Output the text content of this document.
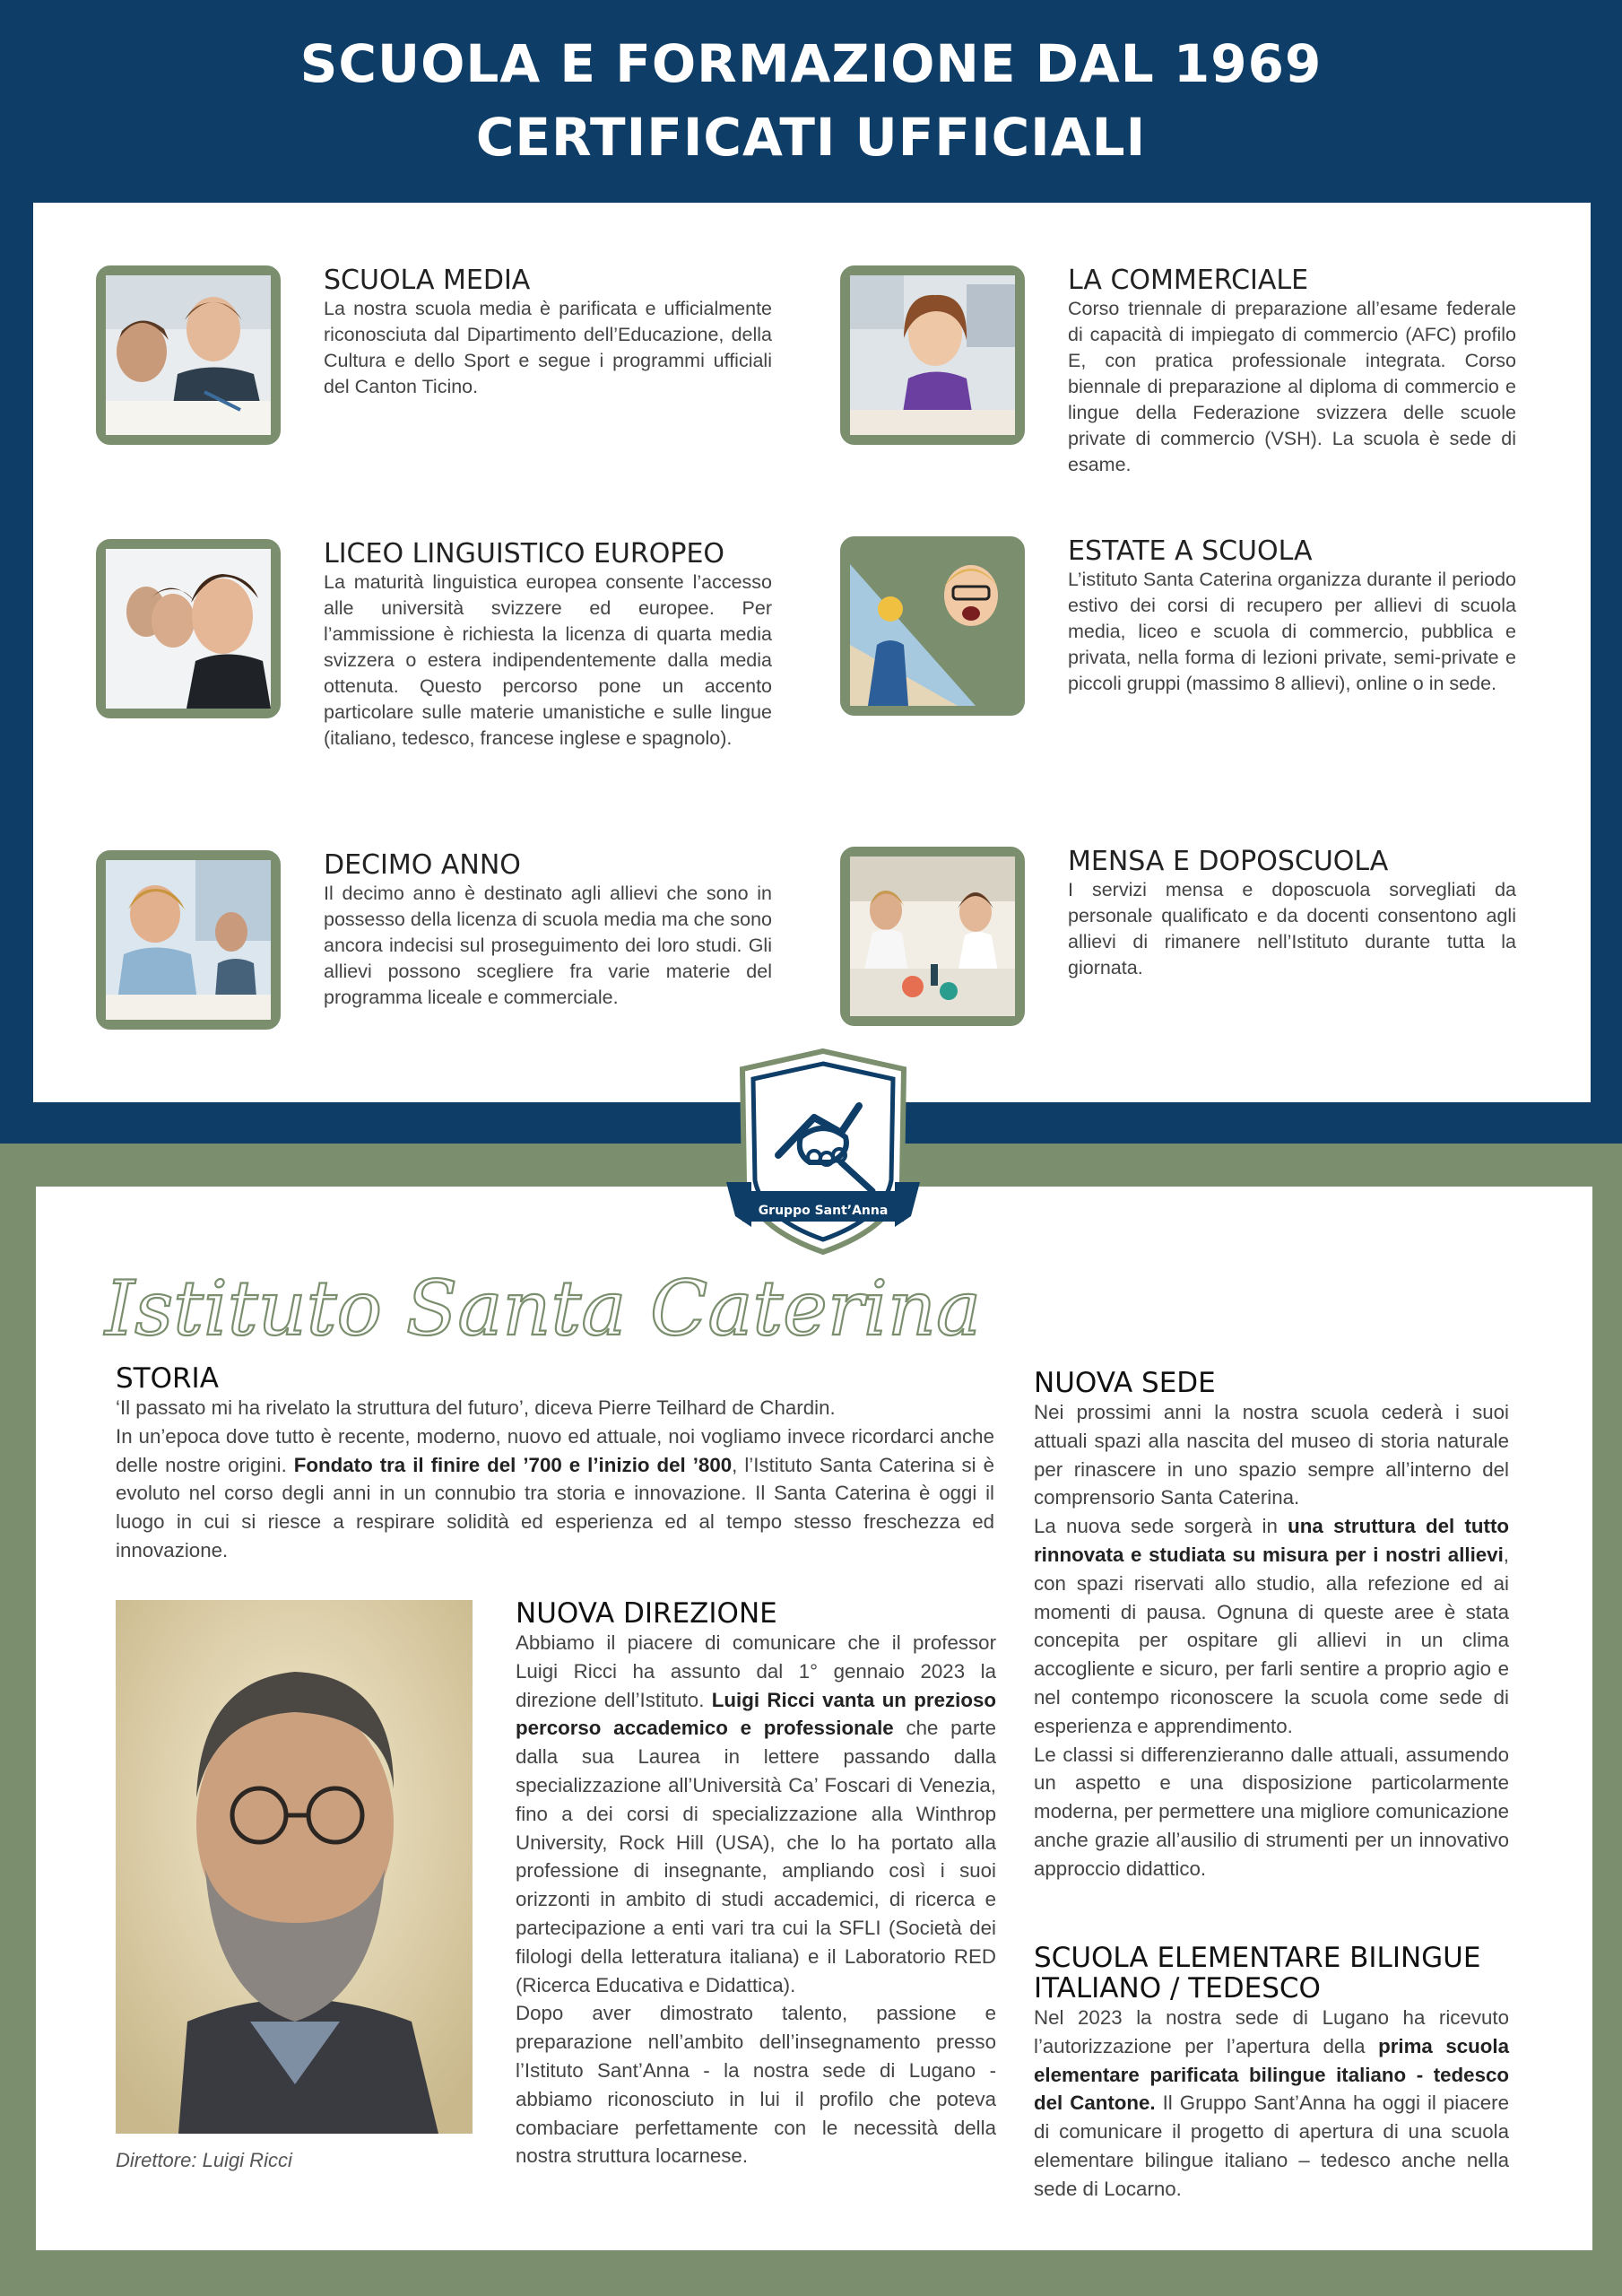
SCUOLA E FORMAZIONE DAL 1969
CERTIFICATI UFFICIALI
SCUOLA MEDIA

La nostra scuola media è parificata e ufficialmente riconosciuta dal Dipartimento dell’Educazione, della Cultura e dello Sport e segue i programmi ufficiali del Canton Ticino.

LA COMMERCIALE

Corso triennale di preparazione all’esame federale di capacità di impiegato di commercio (AFC) profilo E, con pratica professionale integrata. Corso biennale di preparazione al diploma di commercio e lingue della Federazione svizzera delle scuole private di commercio (VSH). La scuola è sede di esame.

LICEO LINGUISTICO EUROPEO

La maturità linguistica europea consente l’accesso alle università svizzere ed europee. Per l’ammissione è richiesta la licenza di quarta media svizzera o estera indipendentemente dalla media ottenuta. Questo percorso pone un accento particolare sulle materie umanistiche e sulle lingue (italiano, tedesco, francese inglese e spagnolo).

ESTATE A SCUOLA

L’istituto Santa Caterina organizza durante il periodo estivo dei corsi di recupero per allievi di scuola media, liceo e scuola di commercio, pubblica e privata, nella forma di lezioni private, semi-private e piccoli gruppi (massimo 8 allievi), online o in sede.

DECIMO ANNO

Il decimo anno è destinato agli allievi che sono in possesso della licenza di scuola media ma che sono ancora indecisi sul proseguimento dei loro studi. Gli allievi possono scegliere fra varie materie del programma liceale e commerciale.

MENSA E DOPOSCUOLA

I servizi mensa e doposcuola sorvegliati da personale qualificato e da docenti consentono agli allievi di rimanere nell’Istituto durante tutta la giornata.

Gruppo Sant’Anna
Istituto Santa Caterina
STORIA

‘Il passato mi ha rivelato la struttura del futuro’, diceva Pierre Teilhard de Chardin.

In un’epoca dove tutto è recente, moderno, nuovo ed attuale, noi vogliamo invece ricordarci anche delle nostre origini. Fondato tra il finire del ’700 e l’inizio del ’800, l’Istituto Santa Caterina si è evoluto nel corso degli anni in un connubio tra storia e innovazione. Il Santa Caterina è oggi il luogo in cui si riesce a respirare solidità ed esperienza ed al tempo stesso freschezza ed innovazione.

Direttore: Luigi Ricci
NUOVA DIREZIONE

Abbiamo il piacere di comunicare che il professor Luigi Ricci ha assunto dal 1° gennaio 2023 la direzione dell’Istituto. Luigi Ricci vanta un prezioso percorso accademico e professionale che parte dalla sua Laurea in lettere passando dalla specializzazione all’Università Ca’ Foscari di Venezia, fino a dei corsi di specializzazione alla Winthrop University, Rock Hill (USA), che lo ha portato alla professione di insegnante, ampliando così i suoi orizzonti in ambito di studi accademici, di ricerca e partecipazione a enti vari tra cui la SFLI (Società dei filologi della letteratura italiana) e il Laboratorio RED (Ricerca Educativa e Didattica).

Dopo aver dimostrato talento, passione e preparazione nell’ambito dell’insegnamento presso l’Istituto Sant’Anna - la nostra sede di Lugano - abbiamo riconosciuto in lui il profilo che poteva combaciare perfettamente con le necessità della nostra struttura locarnese.

NUOVA SEDE

Nei prossimi anni la nostra scuola cederà i suoi attuali spazi alla nascita del museo di storia naturale per rinascere in uno spazio sempre all’interno del comprensorio Santa Caterina.

La nuova sede sorgerà in una struttura del tutto rinnovata e studiata su misura per i nostri allievi, con spazi riservati allo studio, alla refezione ed ai momenti di pausa. Ognuna di queste aree è stata concepita per ospitare gli allievi in un clima accogliente e sicuro, per farli sentire a proprio agio e nel contempo riconoscere la scuola come sede di esperienza e apprendimento.

Le classi si differenzieranno dalle attuali, assumendo un aspetto e una disposizione particolarmente moderna, per permettere una migliore comunicazione anche grazie all’ausilio di strumenti per un innovativo approccio didattico.

SCUOLA ELEMENTARE BILINGUE
ITALIANO / TEDESCO

Nel 2023 la nostra sede di Lugano ha ricevuto l’autorizzazione per l’apertura della prima scuola elementare parificata bilingue italiano - tedesco del Cantone. Il Gruppo Sant’Anna ha oggi il piacere di comunicare il progetto di apertura di una scuola elementare bilingue italiano – tedesco anche nella sede di Locarno.
